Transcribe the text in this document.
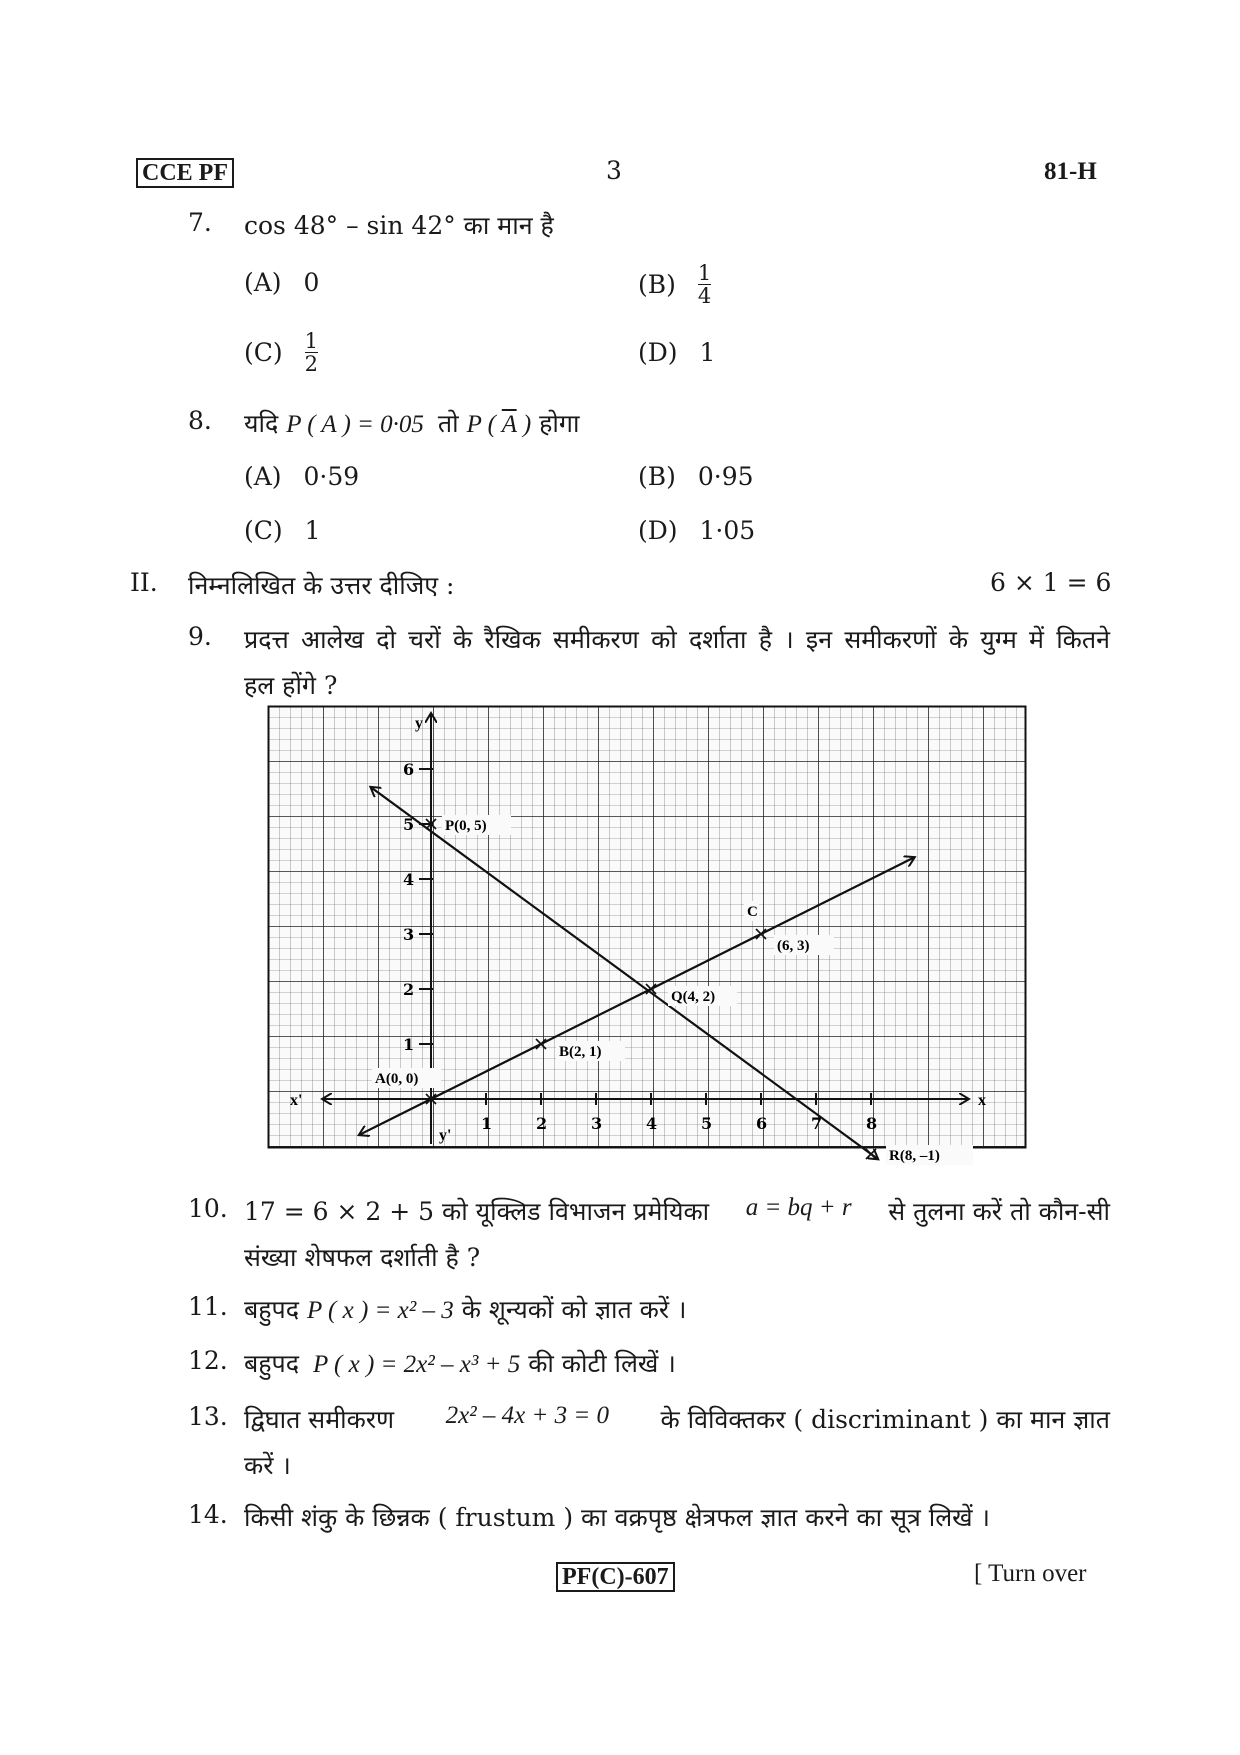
CCE PF	3	81-H
7. cos 48° – sin 42° का मान है
(A) 0	$(B) \frac{1}{4}$
$(C) \frac{1}{2}$	(D) 1
8. यदि P ( A ) = 0·05 तो P ( $\overline{A}$ ) होगा
(A) 0·59	(B) 0·95
(C) 1	(D) 1·05
II. निम्नलिखित के उत्तर दीजिए :	6 × 1 = 6
9. प्रदत्त आलेख दो चरों के रैखिक समीकरण को दर्शाता है । इन समीकरणों के युग्म में कितने
हल होंगे ?
x
x'
y
y'
1	2	3	4	5	6	7	8
1
2
3
4
5
6
P(0, 5)
Q(4, 2)
R(8, –1)
A(0, 0)
B(2, 1)
(6, 3)
C
10. 17 = 6 × 2 + 5 को यूक्लिड विभाजन प्रमेयिका a = bq + r से तुलना करें तो कौन-सी
संख्या शेषफल दर्शाती है ?
11. बहुपद P ( x ) = x² – 3 के शून्यकों को ज्ञात करें ।
12. बहुपद P ( x ) = 2x² – x³ + 5 की कोटी लिखें ।
13. द्विघात समीकरण 2x² – 4x + 3 = 0 के विविक्तकर ( discriminant ) का मान ज्ञात
करें ।
14. किसी शंकु के छिन्नक ( frustum ) का वक्रपृष्ठ क्षेत्रफल ज्ञात करने का सूत्र लिखें ।
PF(C)-607	[ Turn over
